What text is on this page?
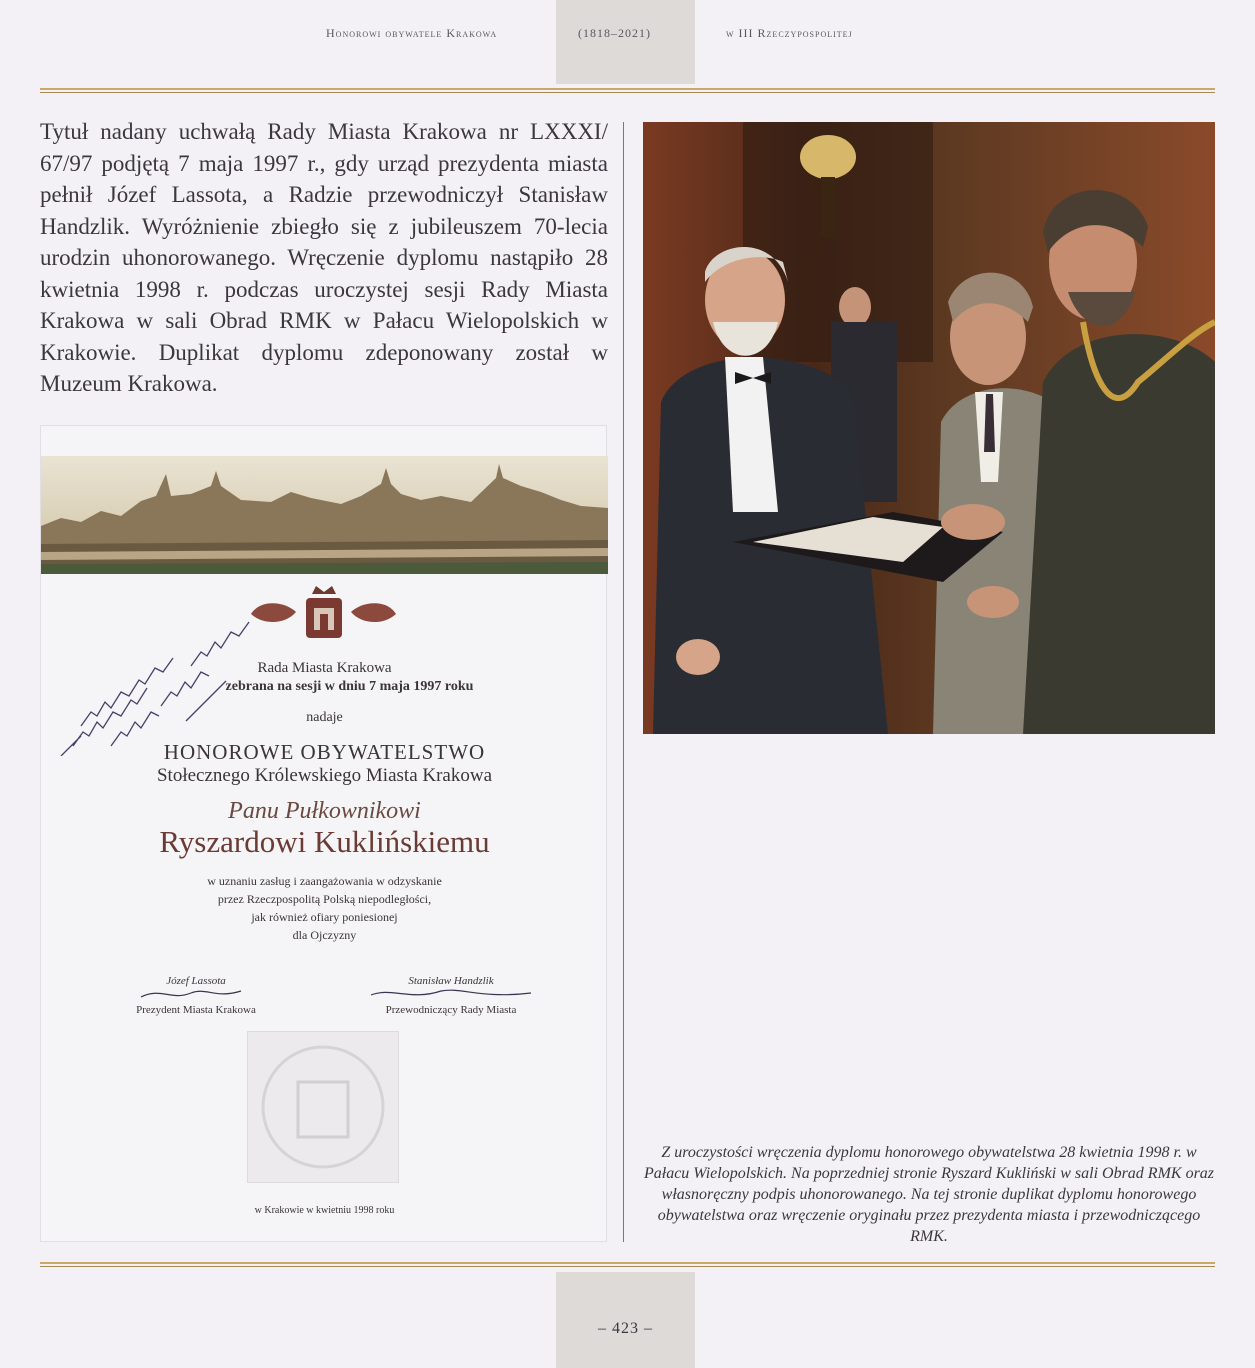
Honorowi obywatele Krakowa	(1818–2021)	w III Rzeczypospolitej
Tytuł nadany uchwałą Rady Miasta Krakowa nr LXXXI/ 67/97 podjętą 7 maja 1997 r., gdy urząd prezydenta miasta pełnił Józef Lassota, a Radzie przewodniczył Stanisław Handzlik. Wyróżnienie zbiegło się z jubileuszem 70-lecia urodzin uhonorowanego. Wręczenie dyplomu nastąpiło 28 kwietnia 1998 r. podczas uroczystej sesji Rady Miasta Krakowa w sali Obrad RMK w Pałacu Wielopolskich w Krakowie. Duplikat dyplomu zdeponowany został w Muzeum Krakowa.
Rada Miasta Krakowa
zebrana na sesji w dniu 7 maja 1997 roku
nadaje
HONOROWE OBYWATELSTWO
Stołecznego Królewskiego Miasta Krakowa
Panu Pułkownikowi
Ryszardowi Kuklińskiemu
w uznaniu zasług i zaangażowania w odzyskanie
przez Rzeczpospolitą Polską niepodległości,
jak również ofiary poniesionej
dla Ojczyzny
Józef Lassota
Prezydent Miasta Krakowa
Stanisław Handzlik
Przewodniczący Rady Miasta
w Krakowie w kwietniu 1998 roku
Z uroczystości wręczenia dyplomu honorowego obywatelstwa 28 kwietnia 1998 r. w Pałacu Wielopolskich. Na poprzedniej stronie Ryszard Kukliński w sali Obrad RMK oraz własnoręczny podpis uhonorowanego. Na tej stronie duplikat dyplomu honorowego obywatelstwa oraz wręczenie oryginału przez prezydenta miasta i przewodniczącego RMK.
– 423 –
